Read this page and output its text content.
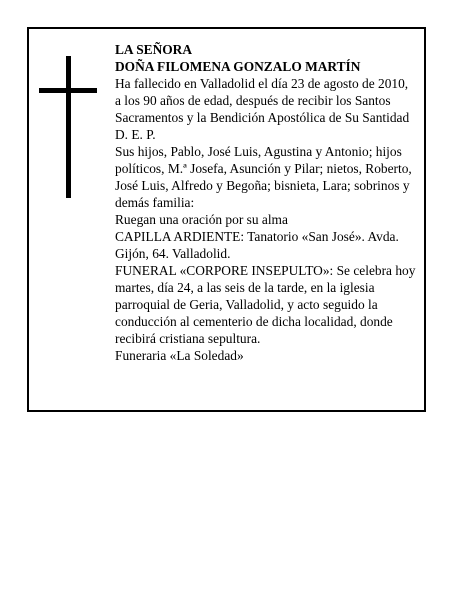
LA SEÑORA
DOÑA FILOMENA GONZALO MARTÍN
Ha fallecido en Valladolid el día 23 de agosto de 2010,
a los 90 años de edad, después de recibir los Santos
Sacramentos y la Bendición Apostólica de Su Santidad
D. E. P.
Sus hijos, Pablo, José Luis, Agustina y Antonio; hijos
políticos, M.ª Josefa, Asunción y Pilar; nietos, Roberto,
José Luis, Alfredo y Begoña; bisnieta, Lara; sobrinos y
demás familia:
Ruegan una oración por su alma
CAPILLA ARDIENTE: Tanatorio «San José». Avda.
Gijón, 64. Valladolid.
FUNERAL «CORPORE INSEPULTO»: Se celebra hoy
martes, día 24, a las seis de la tarde, en la iglesia
parroquial de Geria, Valladolid, y acto seguido la
conducción al cementerio de dicha localidad, donde
recibirá cristiana sepultura.
Funeraria «La Soledad»
